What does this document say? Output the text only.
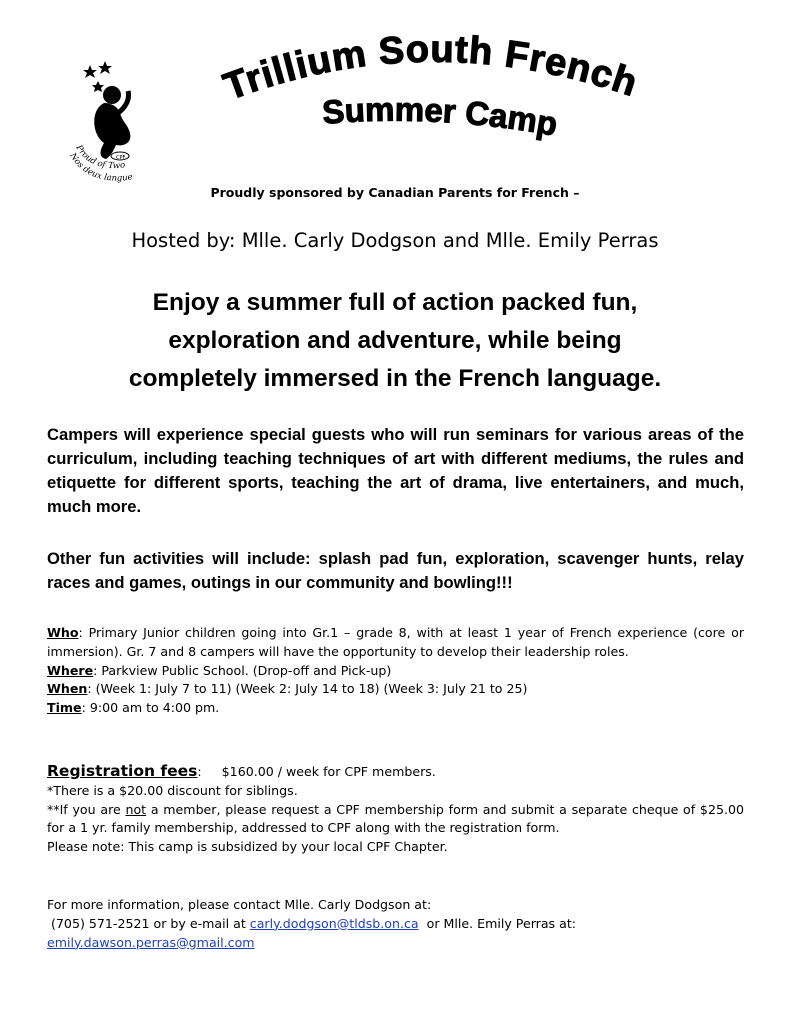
CPF
Proud of Two
Nos deux langue
Trillium South French
Summer Camp
Proudly sponsored by Canadian Parents for French –
Hosted by: Mlle. Carly Dodgson and Mlle. Emily Perras
Enjoy a summer full of action packed fun,
exploration and adventure, while being
completely immersed in the French language.
Campers will experience special guests who will run seminars for various areas of the curriculum, including teaching techniques of art with different mediums, the rules and etiquette for different sports, teaching the art of drama, live entertainers, and much, much more.
Other fun activities will include: splash pad fun, exploration, scavenger hunts, relay races and games, outings in our community and bowling!!!
Who: Primary Junior children going into Gr.1 – grade 8, with at least 1 year of French experience (core or immersion). Gr. 7 and 8 campers will have the opportunity to develop their leadership roles.
Where: Parkview Public School. (Drop-off and Pick-up)
When: (Week 1: July 7 to 11) (Week 2: July 14 to 18) (Week 3: July 21 to 25)
Time: 9:00 am to 4:00 pm.
Registration fees: $160.00 / week for CPF members.
*There is a $20.00 discount for siblings.
**If you are not a member, please request a CPF membership form and submit a separate cheque of $25.00 for a 1 yr. family membership, addressed to CPF along with the registration form.
Please note: This camp is subsidized by your local CPF Chapter.
For more information, please contact Mlle. Carly Dodgson at:
(705) 571-2521 or by e-mail at carly.dodgson@tldsb.on.ca  or Mlle. Emily Perras at:
emily.dawson.perras@gmail.com
